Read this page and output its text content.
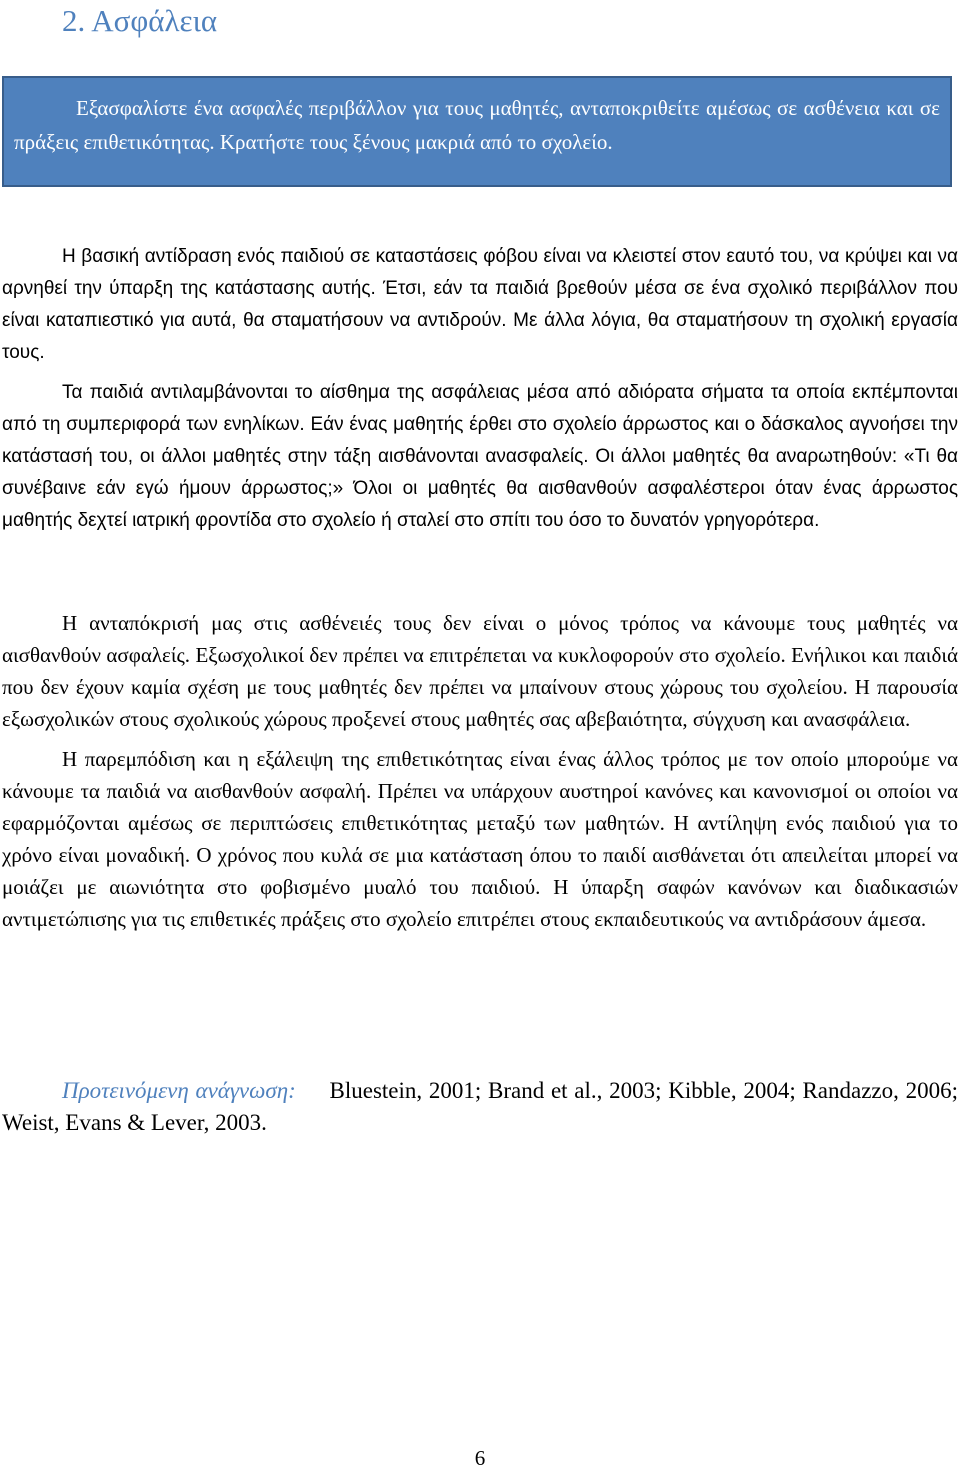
2. Ασφάλεια

Εξασφαλίστε ένα ασφαλές περιβάλλον για τους μαθητές, ανταποκριθείτε αμέσως σε ασθένεια και σε πράξεις επιθετικότητας. Κρατήστε τους ξένους μακριά από το σχολείο.

Η βασική αντίδραση ενός παιδιού σε καταστάσεις φόβου είναι να κλειστεί στον εαυτό του, να κρύψει και να αρνηθεί την ύπαρξη της κατάστασης αυτής. Έτσι, εάν τα παιδιά βρεθούν μέσα σε ένα σχολικό περιβάλλον που είναι καταπιεστικό για αυτά, θα σταματήσουν να αντιδρούν. Με άλλα λόγια, θα σταματήσουν τη σχολική εργασία τους.

Τα παιδιά αντιλαμβάνονται το αίσθημα της ασφάλειας μέσα από αδιόρατα σήματα τα οποία εκπέμπονται από τη συμπεριφορά των ενηλίκων. Εάν ένας μαθητής έρθει στο σχολείο άρρωστος και ο δάσκαλος αγνοήσει την κατάστασή του, οι άλλοι μαθητές στην τάξη αισθάνονται ανασφαλείς. Οι άλλοι μαθητές θα αναρωτηθούν: «Τι θα συνέβαινε εάν εγώ ήμουν άρρωστος;» Όλοι οι μαθητές θα αισθανθούν ασφαλέστεροι όταν ένας άρρωστος μαθητής δεχτεί ιατρική φροντίδα στο σχολείο ή σταλεί στο σπίτι του όσο το δυνατόν γρηγορότερα.

Η ανταπόκρισή μας στις ασθένειές τους δεν είναι ο μόνος τρόπος να κάνουμε τους μαθητές να αισθανθούν ασφαλείς. Εξωσχολικοί δεν πρέπει να επιτρέπεται να κυκλοφορούν στο σχολείο. Ενήλικοι και παιδιά που δεν έχουν καμία σχέση με τους μαθητές δεν πρέπει να μπαίνουν στους χώρους του σχολείου. Η παρουσία εξωσχολικών στους σχολικούς χώρους προξενεί στους μαθητές σας αβεβαιότητα, σύγχυση και ανασφάλεια.

Η παρεμπόδιση και η εξάλειψη της επιθετικότητας είναι ένας άλλος τρόπος με τον οποίο μπορούμε να κάνουμε τα παιδιά να αισθανθούν ασφαλή. Πρέπει να υπάρχουν αυστηροί κανόνες και κανονισμοί οι οποίοι να εφαρμόζονται αμέσως σε περιπτώσεις επιθετικότητας μεταξύ των μαθητών. Η αντίληψη ενός παιδιού για το χρόνο είναι μοναδική. Ο χρόνος που κυλά σε μια κατάσταση όπου το παιδί αισθάνεται ότι απειλείται μπορεί να μοιάζει με αιωνιότητα στο φοβισμένο μυαλό του παιδιού. Η ύπαρξη σαφών κανόνων και διαδικασιών αντιμετώπισης για τις επιθετικές πράξεις στο σχολείο επιτρέπει στους εκπαιδευτικούς να αντιδράσουν άμεσα.

Προτεινόμενη ανάγνωση: Bluestein, 2001; Brand et al., 2003; Kibble, 2004; Randazzo, 2006; Weist, Evans & Lever, 2003.

6
